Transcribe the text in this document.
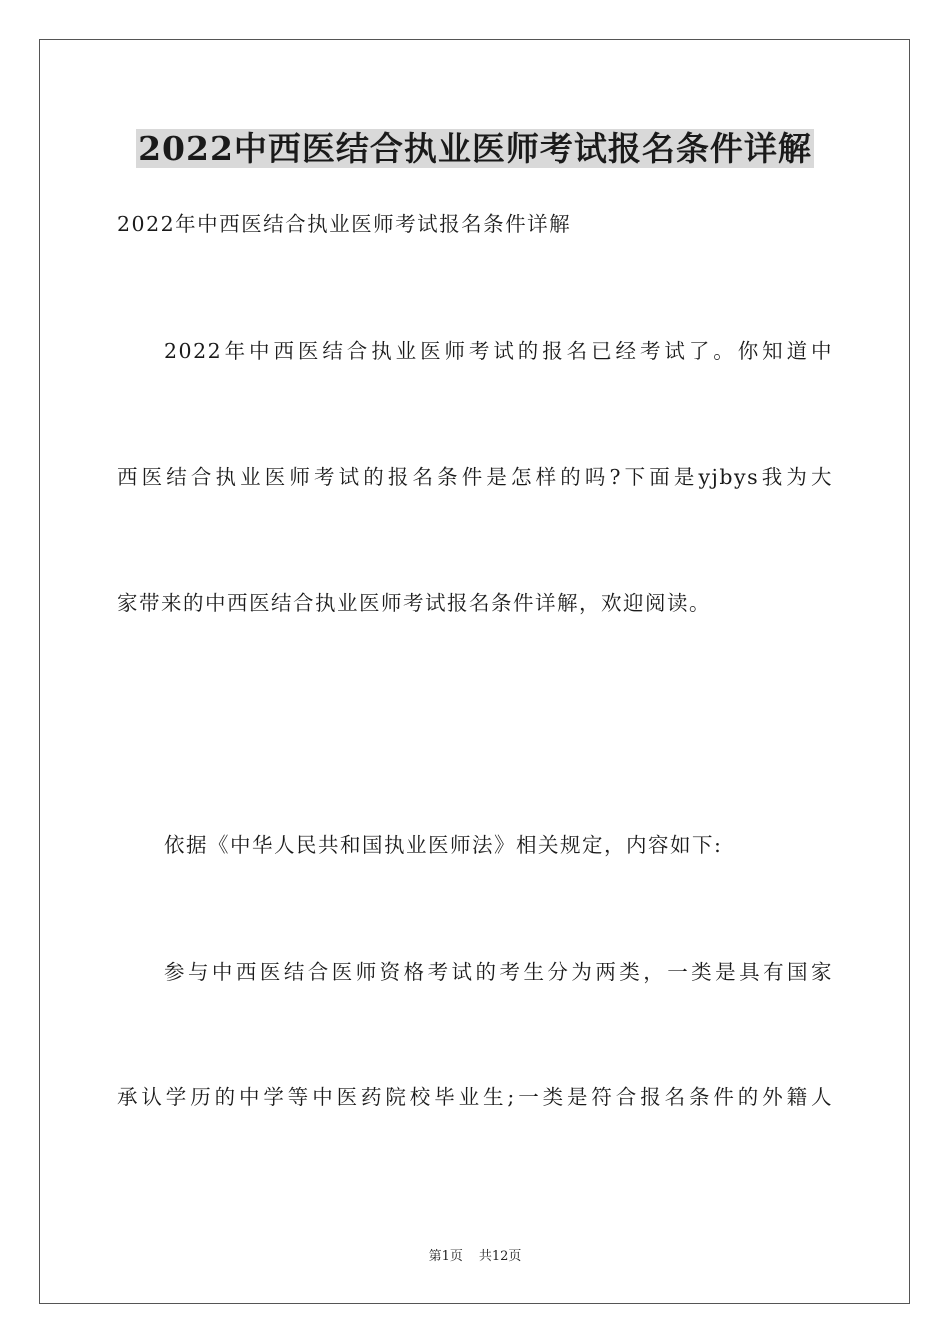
2022中西医结合执业医师考试报名条件详解
2022年中西医结合执业医师考试报名条件详解
2022年中西医结合执业医师考试的报名已经考试了。你知道中
西医结合执业医师考试的报名条件是怎样的吗?下面是yjbys我为大
家带来的中西医结合执业医师考试报名条件详解，欢迎阅读。
依据《中华人民共和国执业医师法》相关规定，内容如下:
参与中西医结合医师资格考试的考生分为两类，一类是具有国家
承认学历的中学等中医药院校毕业生;一类是符合报名条件的外籍人
第1页 共12页
